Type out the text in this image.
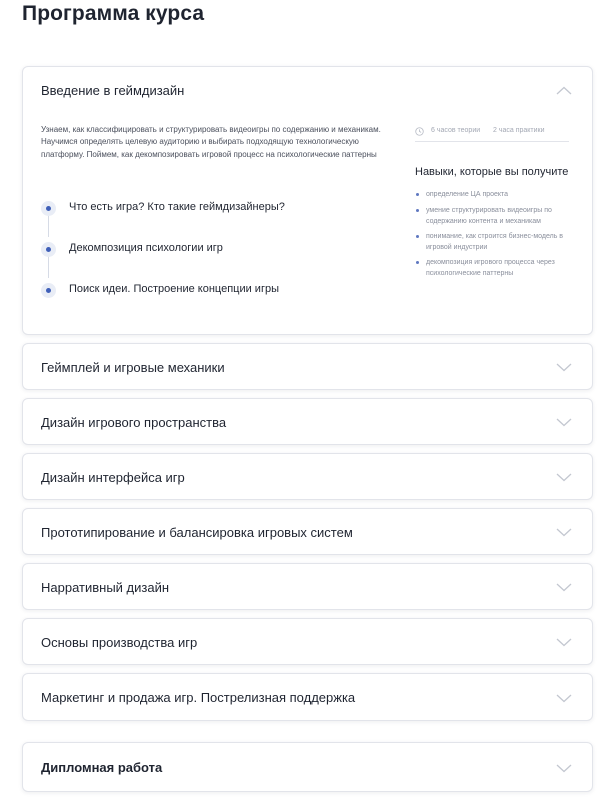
Программа курса
Введение в геймдизайн
Узнаем, как классифицировать и структурировать видеоигры по содержанию и механикам. Научимся определять целевую аудиторию и выбирать подходящую технологическую платформу. Поймем, как декомпозировать игровой процесс на психологические паттерны
Что есть игра? Кто такие геймдизайнеры?
Декомпозиция психологии игр
Поиск идеи. Построение концепции игры
6 часов теории 2 часа практики
Навыки, которые вы получите
определение ЦА проекта
умение структурировать видеоигры по содержанию контента и механикам
понимание, как строится бизнес-модель в игровой индустрии
декомпозиция игрового процесса через психологические паттерны
Геймплей и игровые механики
Дизайн игрового пространства
Дизайн интерфейса игр
Прототипирование и балансировка игровых систем
Нарративный дизайн
Основы производства игр
Маркетинг и продажа игр. Пострелизная поддержка
Дипломная работа
